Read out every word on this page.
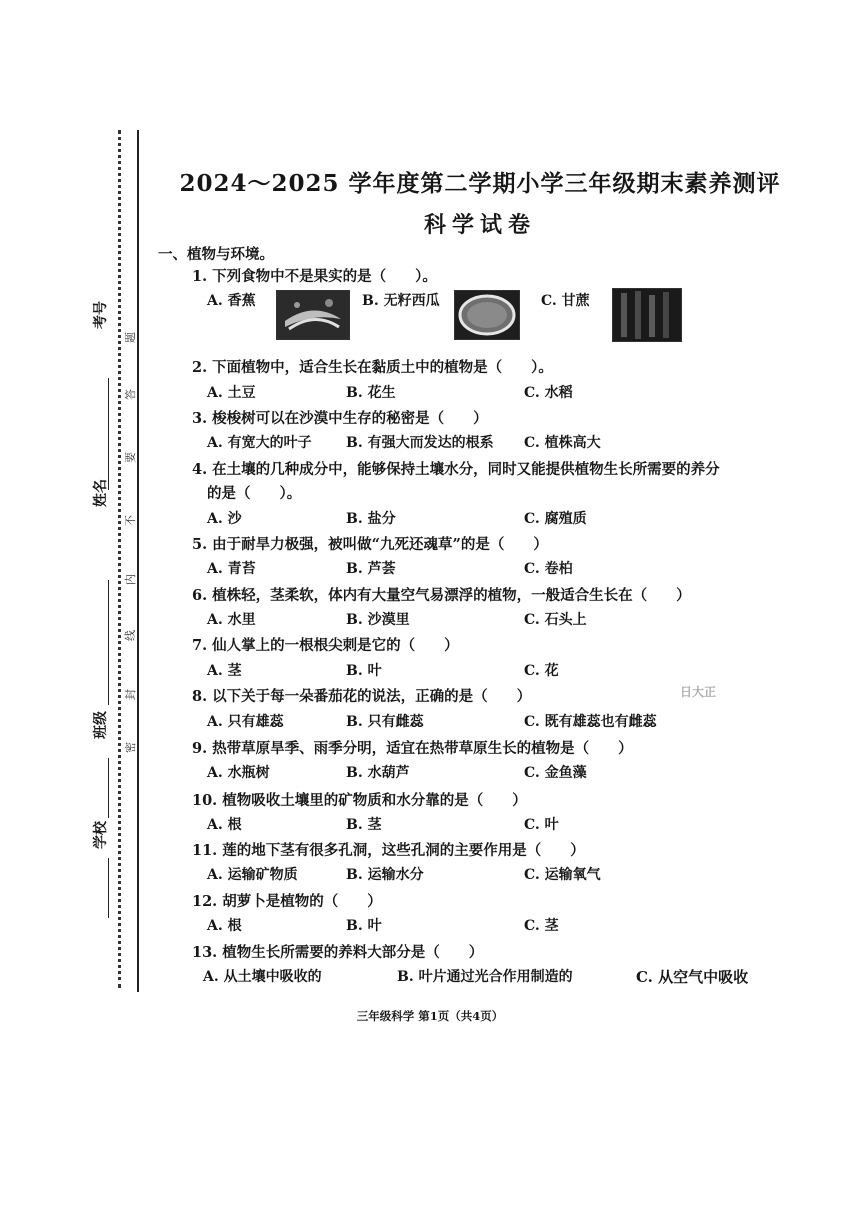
考号
姓名
班级
学校
题
答
要
不
内
线
封
密
2024～2025 学年度第二学期小学三年级期末素养测评
科学试卷
一、植物与环境。
1. 下列食物中不是果实的是（　　）。
A. 香蕉	B. 无籽西瓜	C. 甘蔗
2. 下面植物中，适合生长在黏质土中的植物是（　　）。
A. 土豆	B. 花生	C. 水稻
3. 梭梭树可以在沙漠中生存的秘密是（　　）
A. 有宽大的叶子 B. 有强大而发达的根系 C. 植株高大
4. 在土壤的几种成分中，能够保持土壤水分，同时又能提供植物生长所需要的养分
的是（　　）。
A. 沙	B. 盐分	C. 腐殖质
5. 由于耐旱力极强，被叫做“九死还魂草”的是（　　）
A. 青苔	B. 芦荟	C. 卷柏
6. 植株轻，茎柔软，体内有大量空气易漂浮的植物，一般适合生长在（　　）
A. 水里	B. 沙漠里	C. 石头上
7. 仙人掌上的一根根尖刺是它的（　　）
A. 茎	B. 叶	C. 花
8. 以下关于每一朵番茄花的说法，正确的是（　　）
A. 只有雄蕊	B. 只有雌蕊	C. 既有雄蕊也有雌蕊
9. 热带草原旱季、雨季分明，适宜在热带草原生长的植物是（　　）
A. 水瓶树	B. 水葫芦	C. 金鱼藻
10. 植物吸收土壤里的矿物质和水分靠的是（　　）
A. 根	B. 茎	C. 叶
11. 莲的地下茎有很多孔洞，这些孔洞的主要作用是（　　）
A. 运输矿物质	B. 运输水分	C. 运输氧气
12. 胡萝卜是植物的（　　）
A. 根	B. 叶	C. 茎
13. 植物生长所需要的养料大部分是（　　）
A. 从土壤中吸收的	B. 叶片通过光合作用制造的	C. 从空气中吸收
日大正
三年级科学 第1页（共4页）
